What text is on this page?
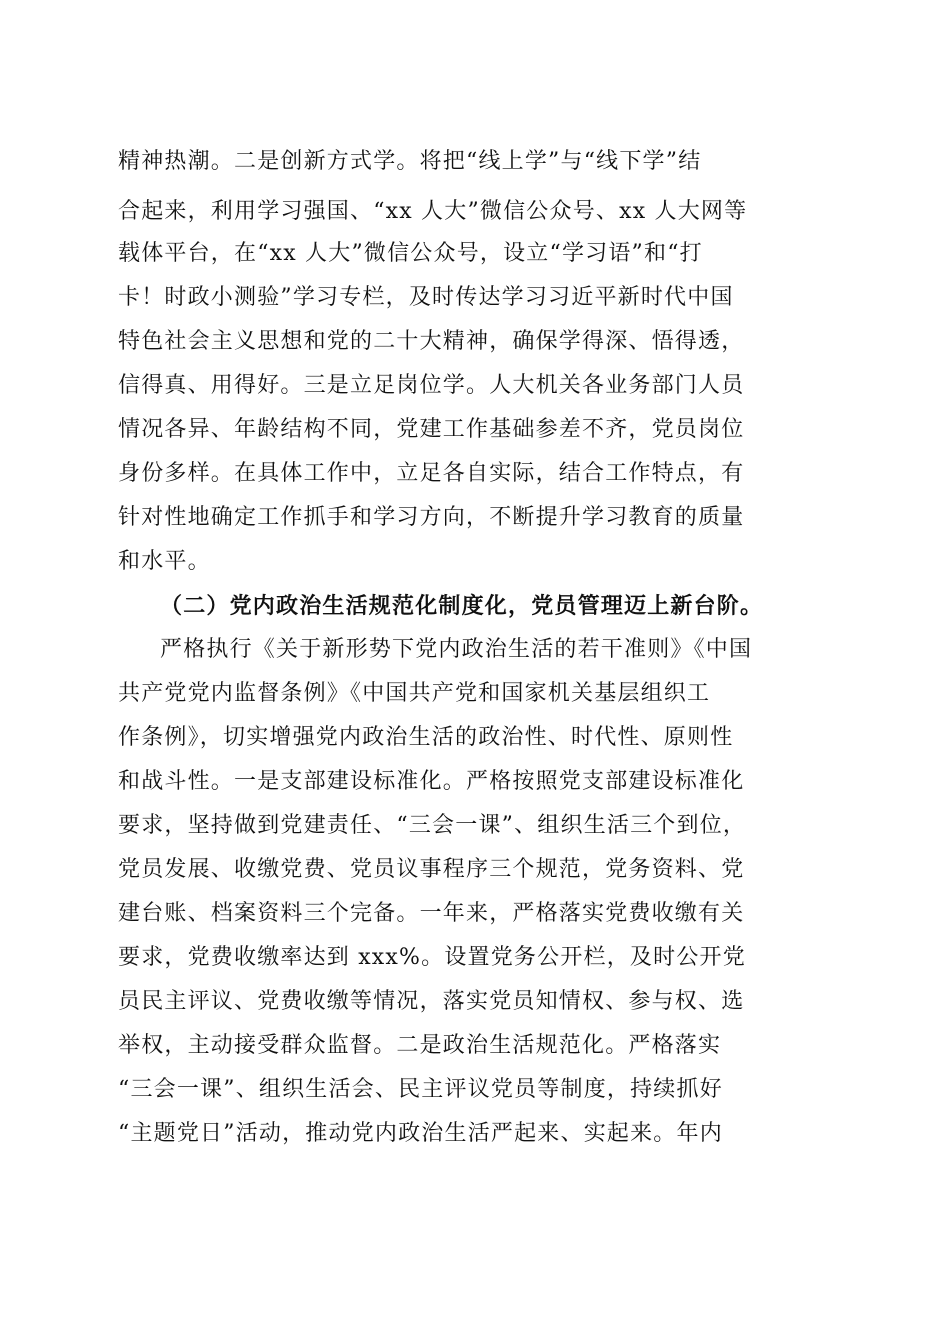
精神热潮。二是创新方式学。将把“线上学”与“线下学”结
合起来，利用学习强国、“xx 人大”微信公众号、xx 人大网等
载体平台，在“xx 人大”微信公众号，设立“学习语”和“打
卡！时政小测验”学习专栏，及时传达学习习近平新时代中国
特色社会主义思想和党的二十大精神，确保学得深、悟得透，
信得真、用得好。三是立足岗位学。人大机关各业务部门人员
情况各异、年龄结构不同，党建工作基础参差不齐，党员岗位
身份多样。在具体工作中，立足各自实际，结合工作特点，有
针对性地确定工作抓手和学习方向，不断提升学习教育的质量
和水平。
（二）党内政治生活规范化制度化，党员管理迈上新台阶。
严格执行《关于新形势下党内政治生活的若干准则》《中国
共产党党内监督条例》《中国共产党和国家机关基层组织工
作条例》，切实增强党内政治生活的政治性、时代性、原则性
和战斗性。一是支部建设标准化。严格按照党支部建设标准化
要求，坚持做到党建责任、“三会一课”、组织生活三个到位，
党员发展、收缴党费、党员议事程序三个规范，党务资料、党
建台账、档案资料三个完备。一年来，严格落实党费收缴有关
要求，党费收缴率达到 xxx%。设置党务公开栏，及时公开党
员民主评议、党费收缴等情况，落实党员知情权、参与权、选
举权，主动接受群众监督。二是政治生活规范化。严格落实
“三会一课”、组织生活会、民主评议党员等制度，持续抓好
“主题党日”活动，推动党内政治生活严起来、实起来。年内
